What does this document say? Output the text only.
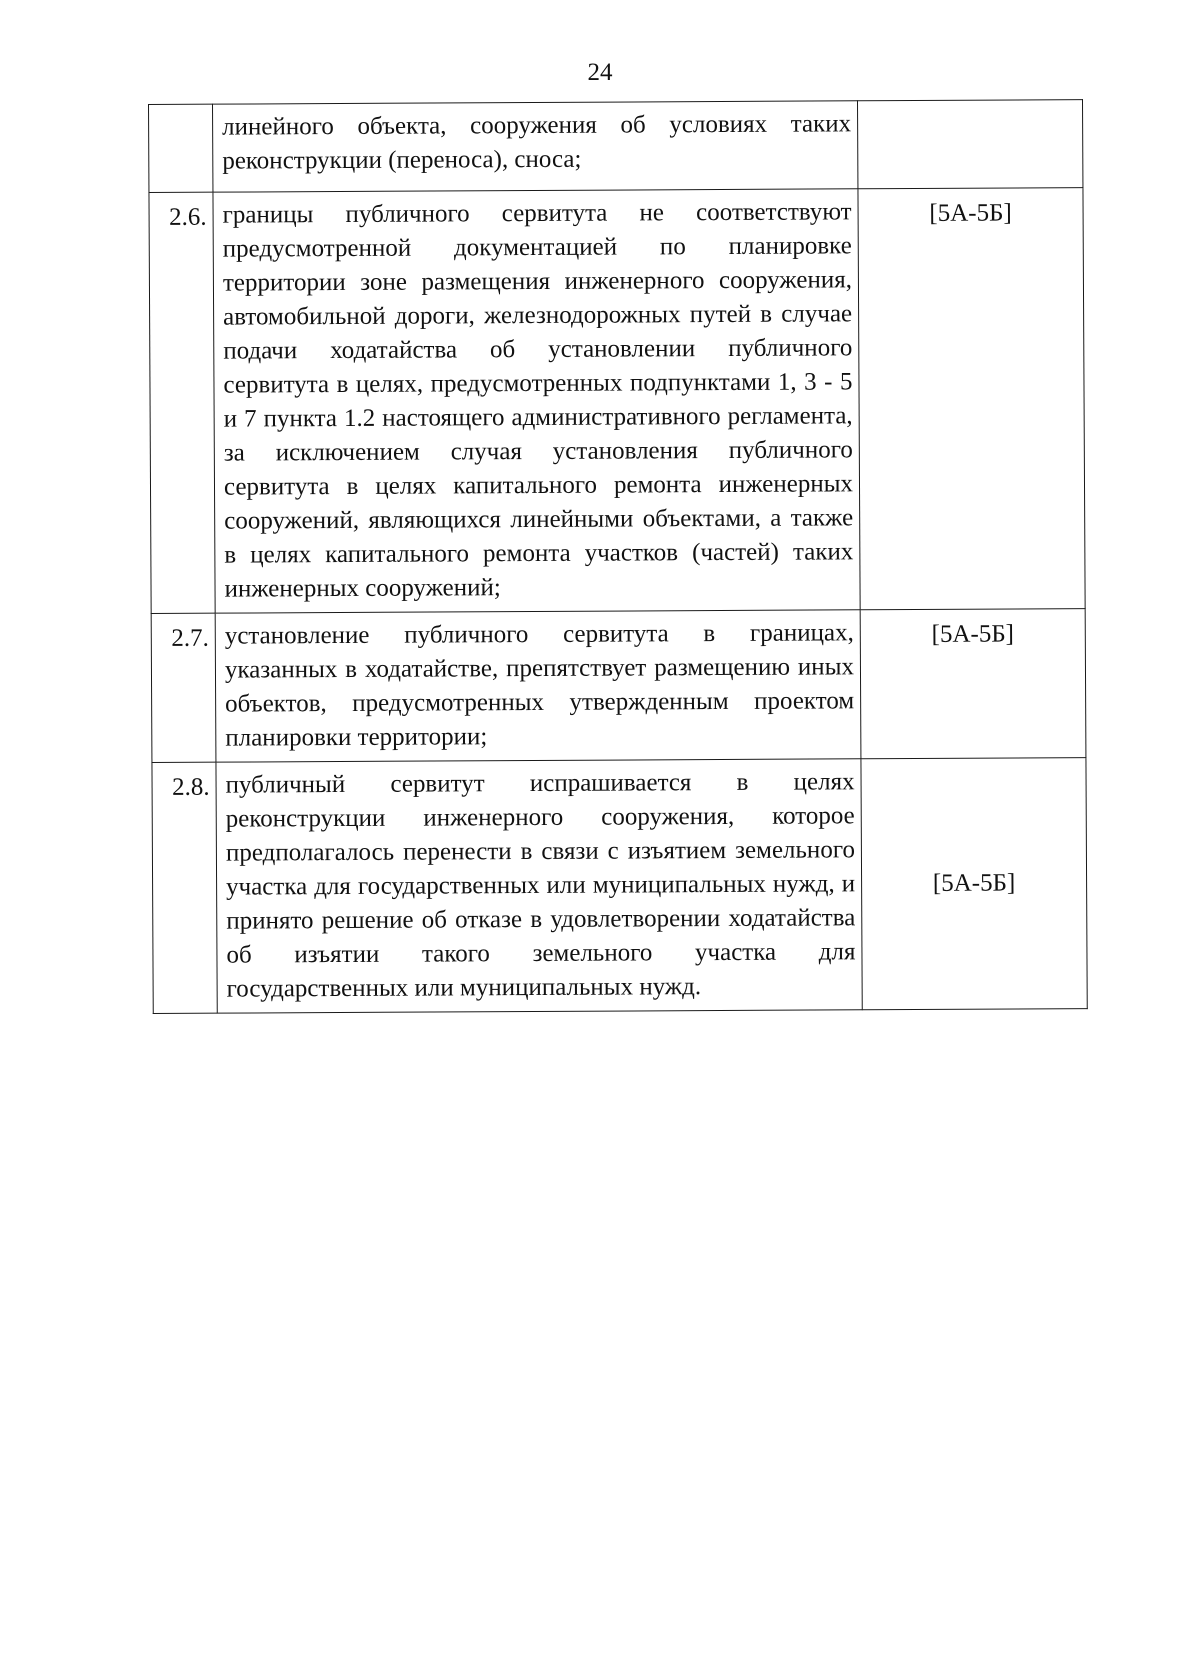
24
	линейного объекта, сооружения об условиях таких реконструкции (переноса), сноса;	
2.6.	границы публичного сервитута не соответствуют предусмотренной документацией по планировке территории зоне размещения инженерного сооружения, автомобильной дороги, железнодорожных путей в случае подачи ходатайства об установлении публичного сервитута в целях, предусмотренных подпунктами 1, 3 - 5 и 7 пункта 1.2 настоящего административного регламента, за исключением случая установления публичного сервитута в целях капитального ремонта инженерных сооружений, являющихся линейными объектами, а также в целях капитального ремонта участков (частей) таких инженерных сооружений;	[5А-5Б]
2.7.	установление публичного сервитута в границах, указанных в ходатайстве, препятствует размещению иных объектов, предусмотренных утвержденным проектом планировки территории;	[5А-5Б]
2.8.	публичный сервитут испрашивается в целях реконструкции инженерного сооружения, которое предполагалось перенести в связи с изъятием земельного участка для государственных или муниципальных нужд, и принято решение об отказе в удовлетворении ходатайства об изъятии такого земельного участка для государственных или муниципальных нужд.	[5А-5Б]
